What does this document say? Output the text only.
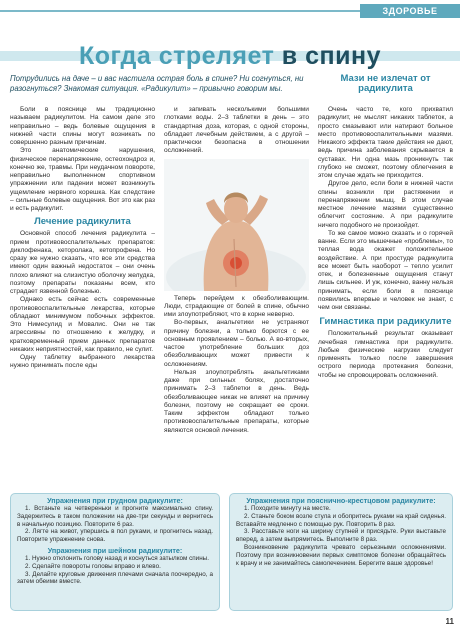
ЗДОРОВЬЕ
Когда стреляет в спину

Потрудились на даче – и вас настигла острая боль в спине? Ни согнуться, ни разогнуться? Знакомая ситуация. «Радикулит» – привычно говорим мы.

Боли в пояснице мы традиционно называем радикулитом. На самом деле это неправильно – ведь болевые ощущения в нижней части спины могут возникать по совершенно разным причинам.

Это анатомические нарушения, физическое перенапряжение, остеохондроз и, конечно же, травмы. При неудачном повороте, неправильно выполненном спортивном упражнении или падении может возникнуть ущемление нервного корешка. Как следствие – сильные болевые ощущения. Вот это как раз и есть радикулит.

Лечение радикулита

Основной способ лечения радикулита – прием противовоспалительных препаратов: диклофенака, кеторолака, кетопрофена. Но сразу же нужно сказать, что все эти средства имеют один важный недостаток – они очень плохо влияют на слизистую оболочку желудка, поэтому препараты показаны всем, кто страдает язвенной болезнью.

Однако есть сейчас есть современные противовоспалительные лекарства, которые обладают минимумом побочных эффектов. Это Нимесулид и Мовалис. Они не так агрессивны по отношению к желудку, и кратковременный прием данных препаратов никаких неприятностей, как правило, не сулит.

Одну таблетку выбранного лекарства нужно принимать после еды

и запивать несколькими большими глотками воды. 2–3 таблетки в день – это стандартная доза, которая, с одной стороны, обладает лечебным действием, а с другой – практически безопасна в отношении осложнений.

Теперь перейдем к обезболивающим. Люди, страдающие от болей в спине, обычно ими злоупотребляют, что в корне неверно.

Во-первых, анальгетики не устраняют причину болезни, а только борются с ее основным проявлением – болью. А во-вторых, частое употребление больших доз обезболивающих может привести к осложнениям.

Нельзя злоупотреблять анальгетиками даже при сильных болях, достаточно принимать 2–3 таблетки в день. Ведь обезболивающее никак не влияет на причину болезни, поэтому не сокращает ее сроки. Таким эффектом обладают только противовоспалительные препараты, которые являются основой лечения.

Мази не излечат от радикулита

Очень часто те, кого прихватил радикулит, не мыслят никаких таблеток, а просто смазывают или натирают больное место противовоспалительными мазями. Никакого эффекта такие действия не дают, ведь причина заболевания скрывается в суставах. Ни одна мазь проникнуть так глубоко не сможет, поэтому облегчения в этом случае ждать не приходится.

Другое дело, если боли в нижней части спины возникли при растяжении и перенапряжении мышц. В этом случае местное лечение мазями существенно облегчит состояние. А при радикулите ничего подобного не произойдет.

То же самое можно сказать и о горячей ванне. Если это мышечные «проблемы», то теплая вода окажет положительное воздействие. А при простуде радикулита все может быть наоборот – тепло усилит отек, и болезненные ощущения станут лишь сильнее. И уж, конечно, ванну нельзя принимать, если боли в пояснице появились впервые и человек не знает, с чем они связаны.

Гимнастика при радикулите

Положительный результат оказывает лечебная гимнастика при радикулите. Любые физические нагрузки следует применять только после завершения острого периода протекания болезни, чтобы не спровоцировать осложнений.

Упражнения при грудном радикулите:

1. Встаньте на четвереньки и прогните максимально спину. Задержитесь в таком положении на две-три секунды и вернитесь в начальную позицию. Повторите 6 раз.

2. Лягте на живот, упершись в пол руками, и прогнитесь назад. Повторите упражнение снова.

Упражнения при шейном радикулите:

1. Нужно отклонить голову назад и коснуться затылком спины.

2. Сделайте повороты головы вправо и влево.

3. Делайте круговые движения плечами сначала поочередно, а затем обеими вместе.

Упражнения при пояснично-крестцовом радикулите:

1. Походите минуту на месте.

2. Станьте боком возле стула и обопритесь руками на край сиденья. Вставайте медленно с помощью рук. Повторить 8 раз.

3. Расставьте ноги на ширину ступней и присядьте. Руки выставьте вперед, а затем выпрямитесь. Выполните 8 раз.

Возникновение радикулита чревато серьезными осложнениями. Поэтому при возникновении первых симптомов болезни обращайтесь к врачу и не занимайтесь самолечением. Берегите ваше здоровье!

11
